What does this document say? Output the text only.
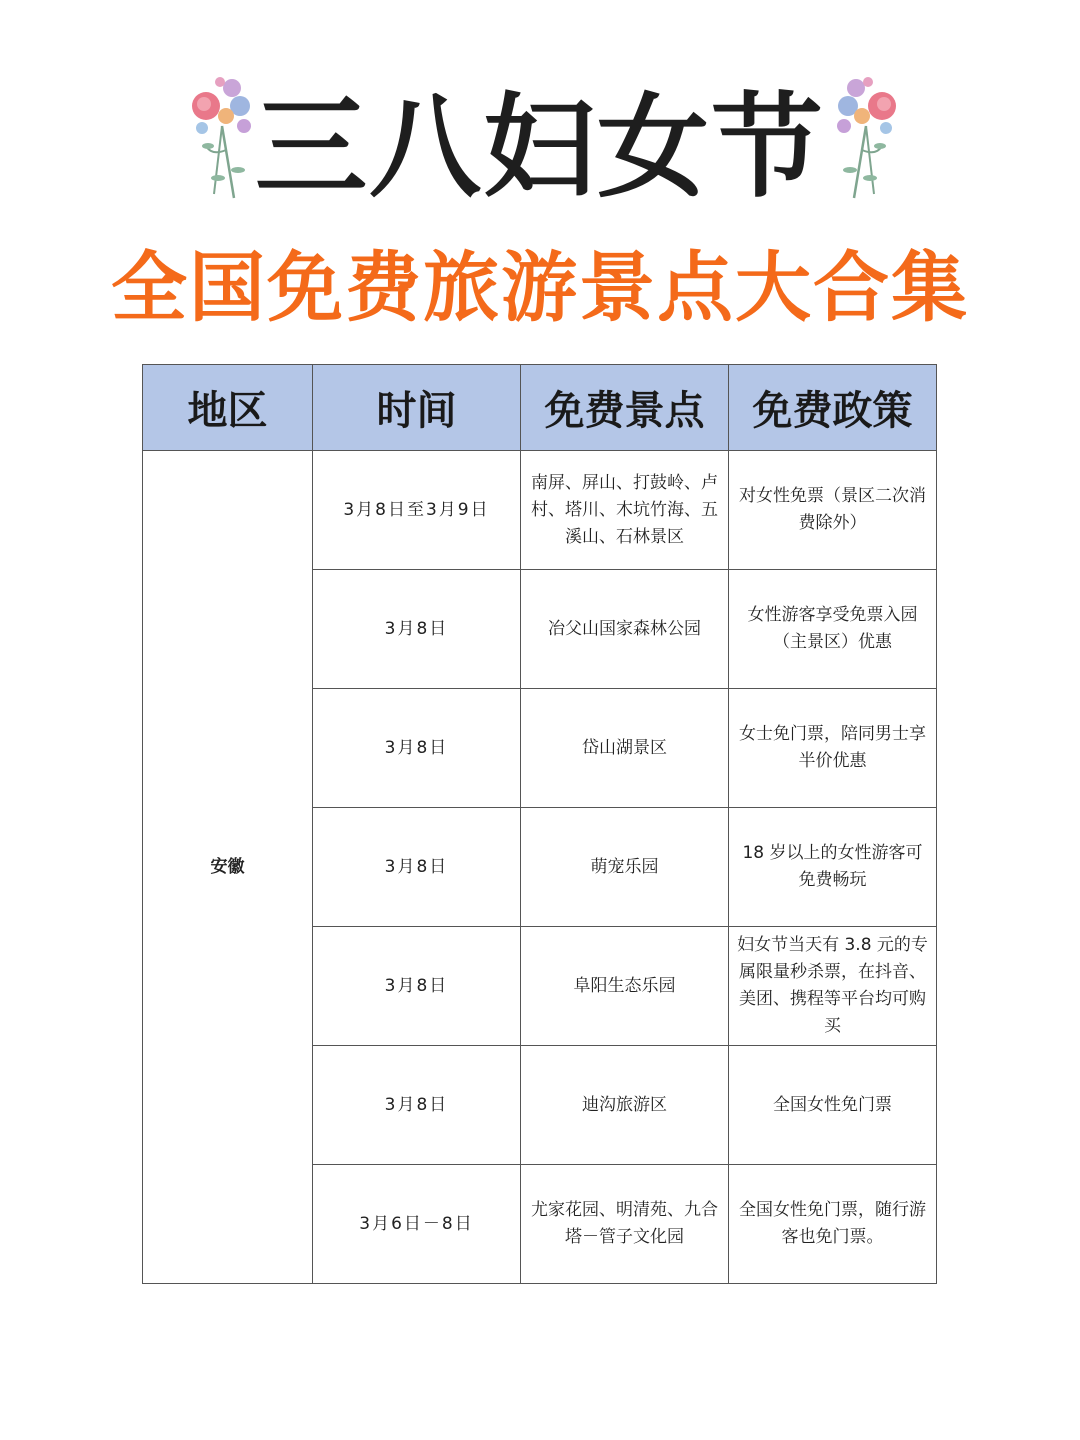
三八妇女节
全国免费旅游景点大合集
地区	时间	免费景点	免费政策
安徽	3月8日至3月9日	南屏、屏山、打鼓岭、卢村、塔川、木坑竹海、五溪山、石林景区	对女性免票（景区二次消费除外）
	3月8日	冶父山国家森林公园	女性游客享受免票入园（主景区）优惠
	3月8日	岱山湖景区	女士免门票，陪同男士享半价优惠
	3月8日	萌宠乐园	18 岁以上的女性游客可免费畅玩
	3月8日	阜阳生态乐园	妇女节当天有 3.8 元的专属限量秒杀票，在抖音、美团、携程等平台均可购买
	3月8日	迪沟旅游区	全国女性免门票
	3月6日－8日	尤家花园、明清苑、九合塔－管子文化园	全国女性免门票，随行游客也免门票。
